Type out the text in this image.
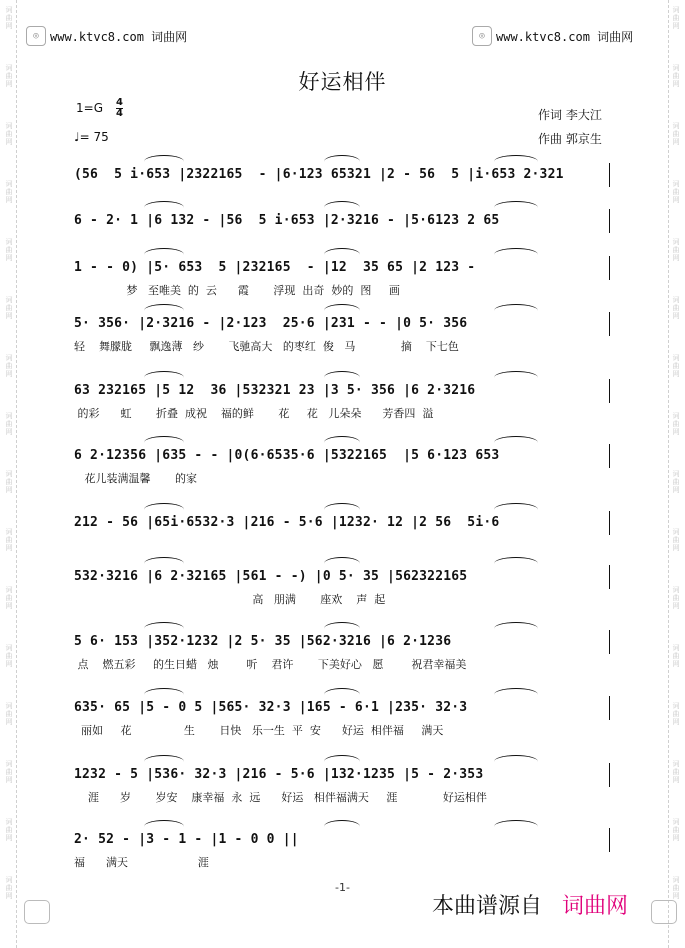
词
曲
网
词
曲
网
词
曲
网
词
曲
网
词
曲
网
词
曲
网
词
曲
网
词
曲
网
词
曲
网
词
曲
网
词
曲
网
词
曲
网
词
曲
网
词
曲
网
词
曲
网
词
曲
网
词
曲
网
词
曲
网
词
曲
网
词
曲
网
词
曲
网
词
曲
网
词
曲
网
词
曲
网
词
曲
网
词
曲
网
词
曲
网
词
曲
网
词
曲
网
词
曲
网
词
曲
网
词
曲
网
◎ www.ktvc8.com 词曲网	◎ www.ktvc8.com 词曲网
好运相伴
1=G 4
4
♩= 75
作词 李大江
作曲 郭京生
(56  5 i·653 |2322165  - |6·123 65321 |2 - 56  5 |i·653 2·321
6 - 2· 1 |6 132 - |56  5 i·653 |2·3216 - |5·6123 2 65
1 - - 0) |5· 653  5 |232165  - |12  35 65 |2 123 -
梦   至唯美  的  云      霞       浮现  出奇  妙的  图     画
5· 356· |2·3216 - |2·123  25·6 |231 - - |0 5· 356
轻    舞朦胧     飘逸薄   纱       飞驰高大   的枣红  俊   马             摘    下七色
63 232165 |5 12  36 |532321 23 |3 5· 356 |6 2·3216
的彩      虹       折叠  成祝    福的鲜       花     花   儿朵朵      芳香四  溢
6 2·12356 |635 - - |0(6·6535·6 |5322165  |5 6·123 653
花儿装满温馨       的家
212 - 56 |65i·6532·3 |216 - 5·6 |1232· 12 |2 56  5i·6
532·3216 |6 2·32165 |561 - -) |0 5· 35 |562322165
高   朋满       座欢    声  起
5 6· 153 |352·1232 |2 5· 35 |562·3216 |6 2·1236
点    燃五彩     的生日蜡   烛        听    君许       下美好心   愿        祝君幸福美
635· 65 |5 - 0 5 |565· 32·3 |165 - 6·1 |235· 32·3
丽如     花               生       日快   乐一生  平  安      好运  相伴福     满天
1232 - 5 |536· 32·3 |216 - 5·6 |132·1235 |5 - 2·353
涯      岁       岁安    康幸福  永  远      好运   相伴福满天     涯             好运相伴
2· 52 - |3 - 1 - |1 - 0 0 ||
福      满天                    涯
-1-
本曲谱源自 词曲网
